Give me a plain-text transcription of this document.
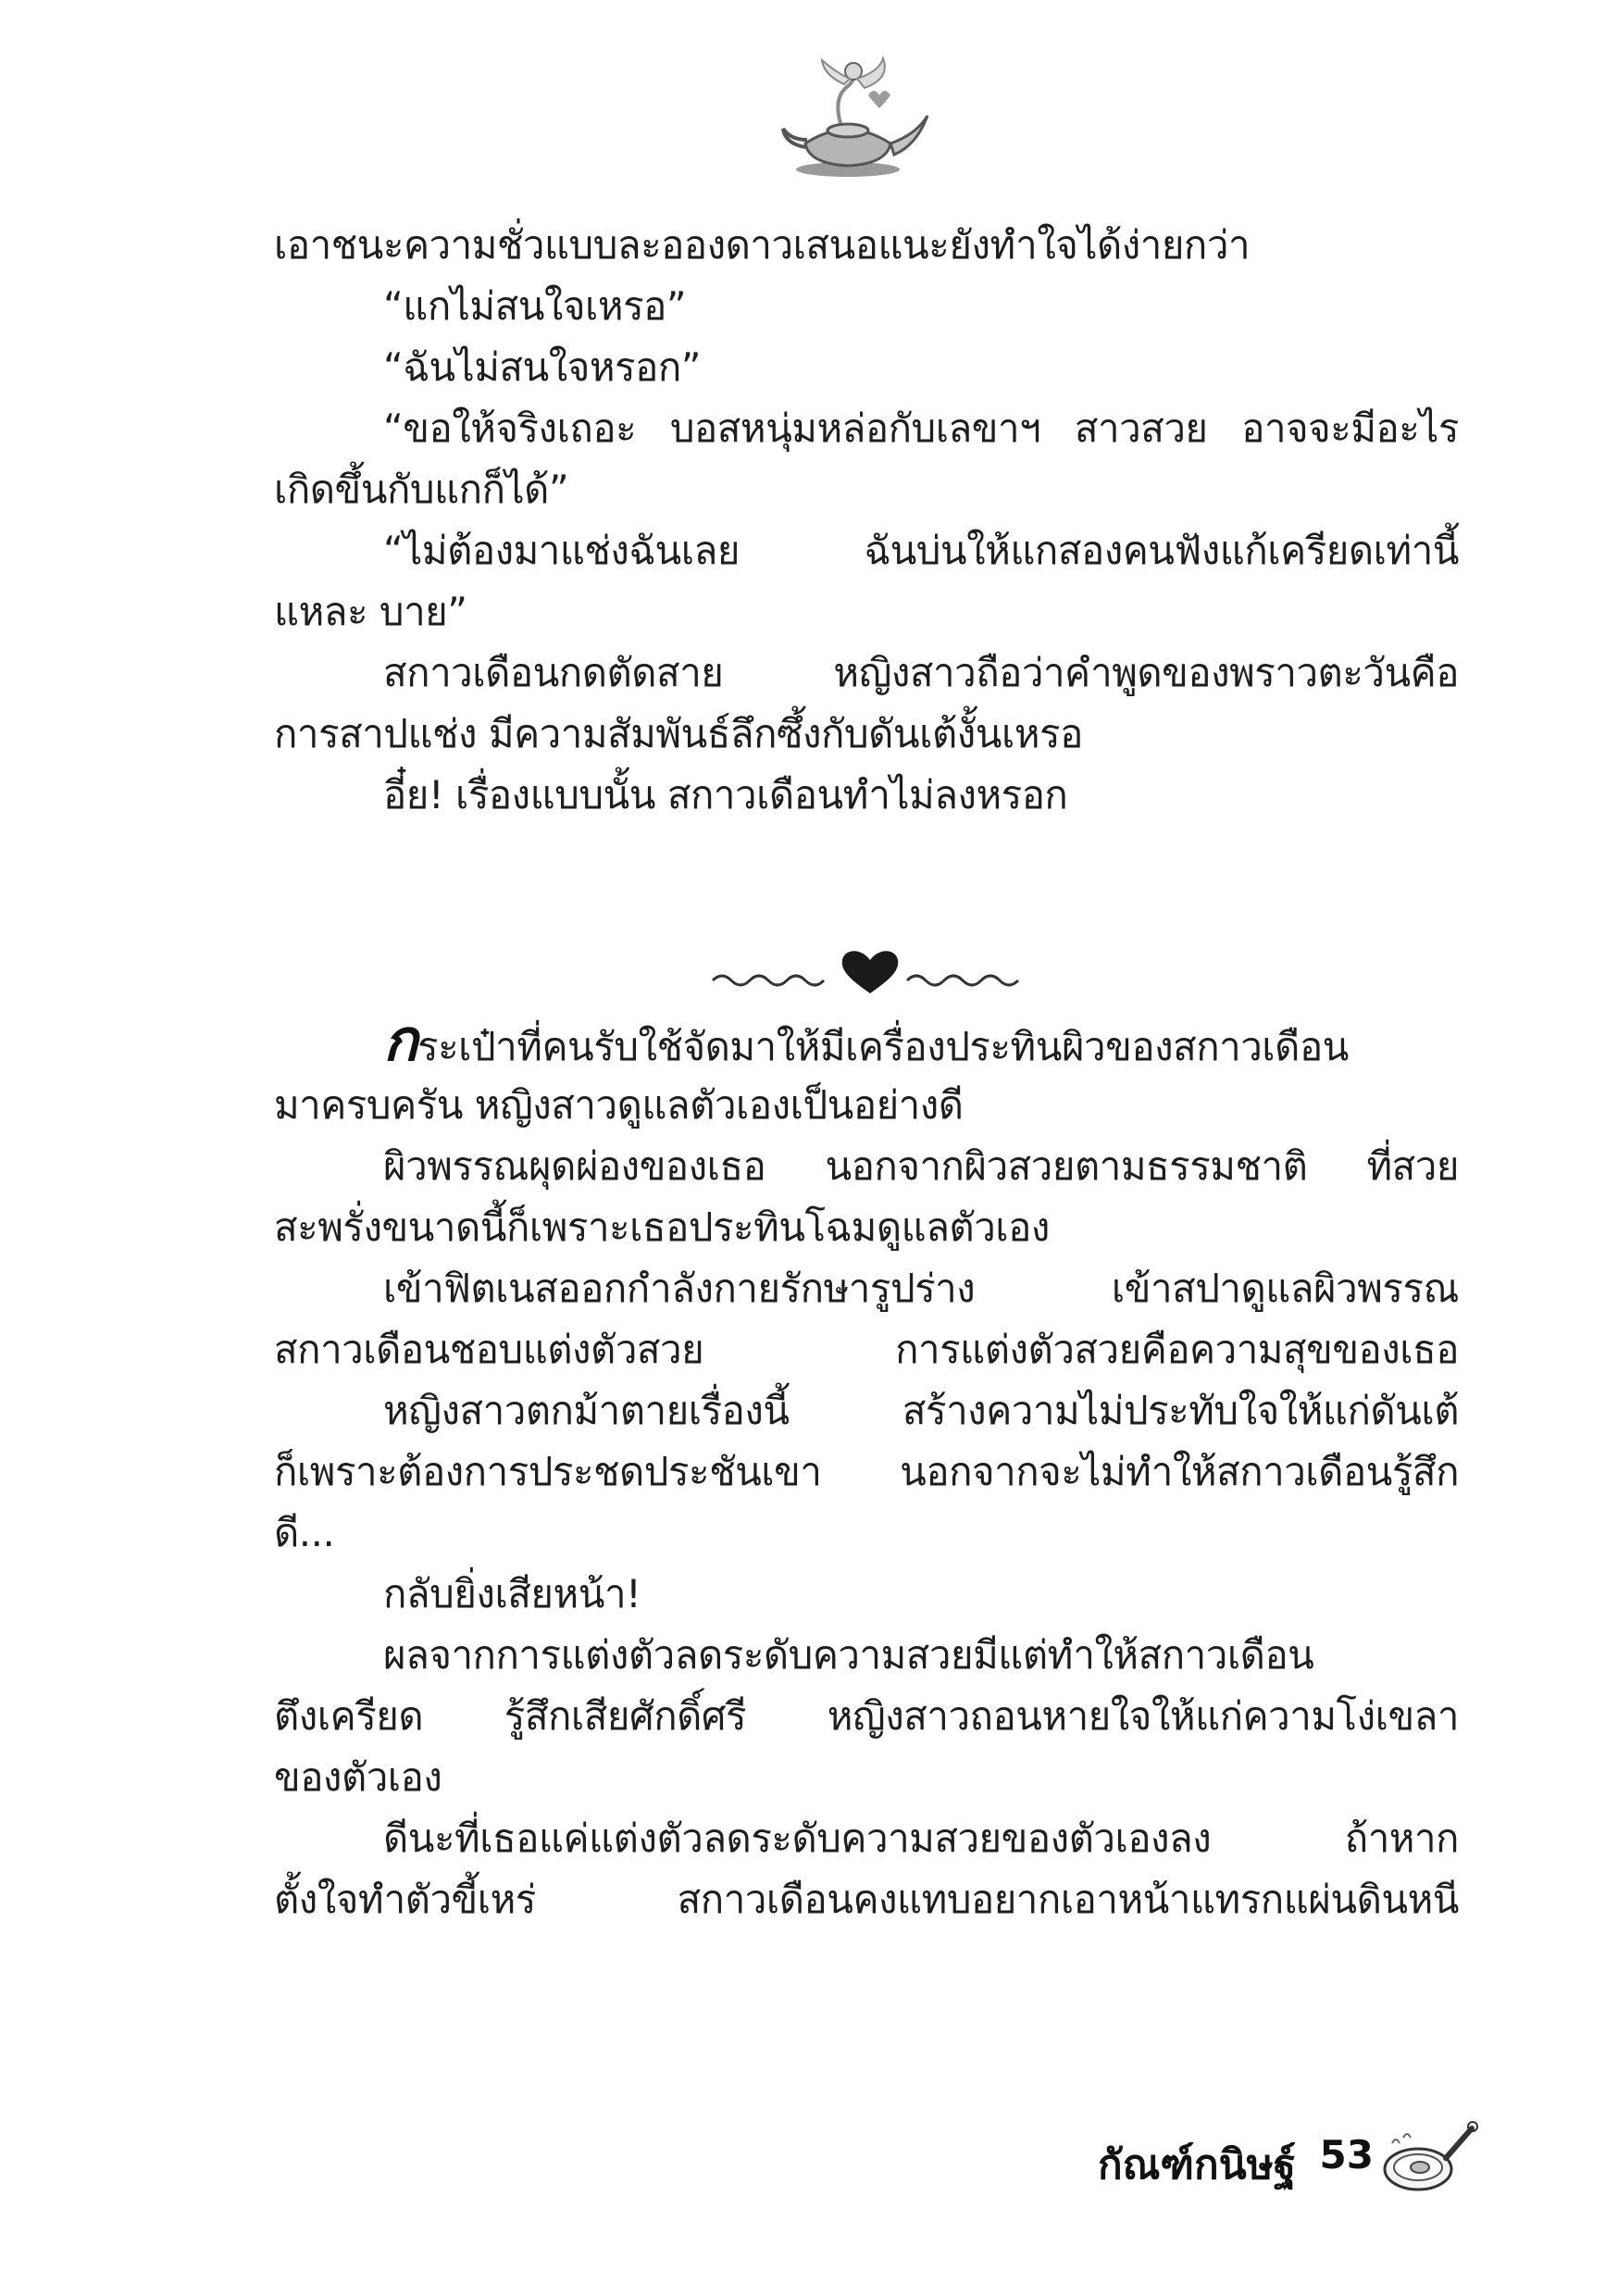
เอาชนะความชั่วแบบละอองดาวเสนอแนะยังทำใจได้ง่ายกว่า
“แกไม่สนใจเหรอ”
“ฉันไม่สนใจหรอก”
“ขอให้จริงเถอะ บอสหนุ่มหล่อกับเลขาฯ สาวสวย อาจจะมีอะไร
เกิดขึ้นกับแกก็ได้”
“ไม่ต้องมาแช่งฉันเลย ฉันบ่นให้แกสองคนฟังแก้เครียดเท่านี้
แหละ บาย”
สกาวเดือนกดตัดสาย หญิงสาวถือว่าคำพูดของพราวตะวันคือ
การสาปแช่ง มีความสัมพันธ์ลึกซึ้งกับดันเต้งั้นเหรอ
อี๋ย! เรื่องแบบนั้น สกาวเดือนทำไม่ลงหรอก
กระเป๋าที่คนรับใช้จัดมาให้มีเครื่องประทินผิวของสกาวเดือน
มาครบครัน หญิงสาวดูแลตัวเองเป็นอย่างดี
ผิวพรรณผุดผ่องของเธอ นอกจากผิวสวยตามธรรมชาติ ที่สวย
สะพรั่งขนาดนี้ก็เพราะเธอประทินโฉมดูแลตัวเอง
เข้าฟิตเนสออกกำลังกายรักษารูปร่าง เข้าสปาดูแลผิวพรรณ
สกาวเดือนชอบแต่งตัวสวย การแต่งตัวสวยคือความสุขของเธอ
หญิงสาวตกม้าตายเรื่องนี้ สร้างความไม่ประทับใจให้แก่ดันเต้
ก็เพราะต้องการประชดประชันเขา นอกจากจะไม่ทำให้สกาวเดือนรู้สึก
ดี...
กลับยิ่งเสียหน้า!
ผลจากการแต่งตัวลดระดับความสวยมีแต่ทำให้สกาวเดือน
ตึงเครียด รู้สึกเสียศักดิ์ศรี หญิงสาวถอนหายใจให้แก่ความโง่เขลา
ของตัวเอง
ดีนะที่เธอแค่แต่งตัวลดระดับความสวยของตัวเองลง ถ้าหาก
ตั้งใจทำตัวขี้เหร่ สกาวเดือนคงแทบอยากเอาหน้าแทรกแผ่นดินหนี
กัณฑ์กนิษฐ์ 53
